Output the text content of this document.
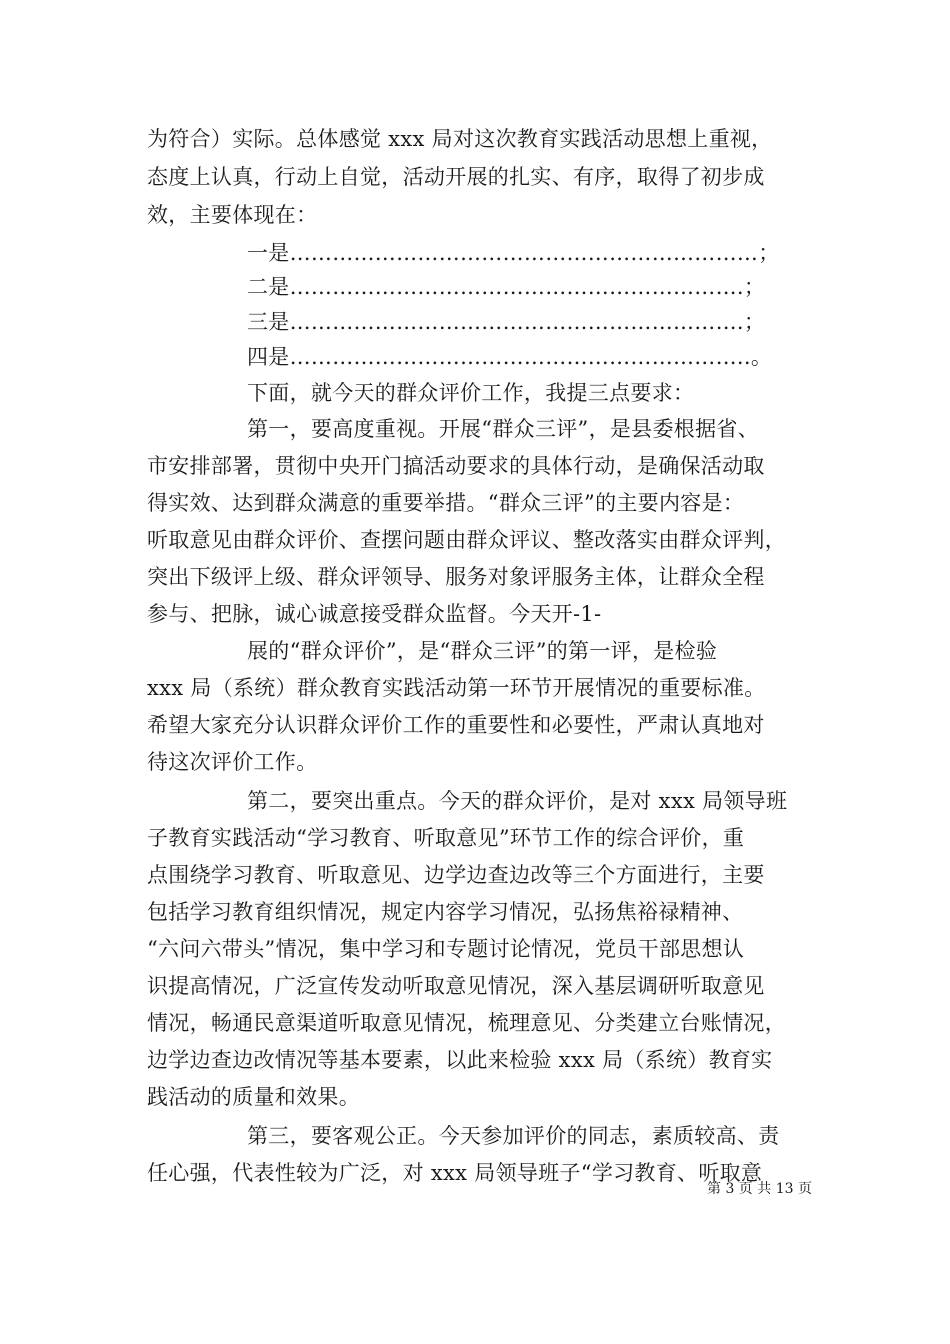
为符合）实际。总体感觉 xxx 局对这次教育实践活动思想上重视，
态度上认真，行动上自觉，活动开展的扎实、有序，取得了初步成
效，主要体现在：
一是…………………………………………………………；
二是……………………………………………………….；
三是……………………………………………………….；
四是………………………………………………………..。
下面，就今天的群众评价工作，我提三点要求：
第一，要高度重视。开展“群众三评”，是县委根据省、
市安排部署，贯彻中央开门搞活动要求的具体行动，是确保活动取
得实效、达到群众满意的重要举措。“群众三评”的主要内容是：
听取意见由群众评价、查摆问题由群众评议、整改落实由群众评判，
突出下级评上级、群众评领导、服务对象评服务主体，让群众全程
参与、把脉，诚心诚意接受群众监督。今天开-1-
展的“群众评价”，是“群众三评”的第一评，是检验
xxx 局（系统）群众教育实践活动第一环节开展情况的重要标准。
希望大家充分认识群众评价工作的重要性和必要性，严肃认真地对
待这次评价工作。
第二，要突出重点。今天的群众评价，是对 xxx 局领导班
子教育实践活动“学习教育、听取意见”环节工作的综合评价，重
点围绕学习教育、听取意见、边学边查边改等三个方面进行，主要
包括学习教育组织情况，规定内容学习情况，弘扬焦裕禄精神、
“六问六带头”情况，集中学习和专题讨论情况，党员干部思想认
识提高情况，广泛宣传发动听取意见情况，深入基层调研听取意见
情况，畅通民意渠道听取意见情况，梳理意见、分类建立台账情况，
边学边查边改情况等基本要素，以此来检验 xxx 局（系统）教育实
践活动的质量和效果。
第三，要客观公正。今天参加评价的同志，素质较高、责
任心强，代表性较为广泛，对 xxx 局领导班子“学习教育、听取意
第 3 页 共 13 页
